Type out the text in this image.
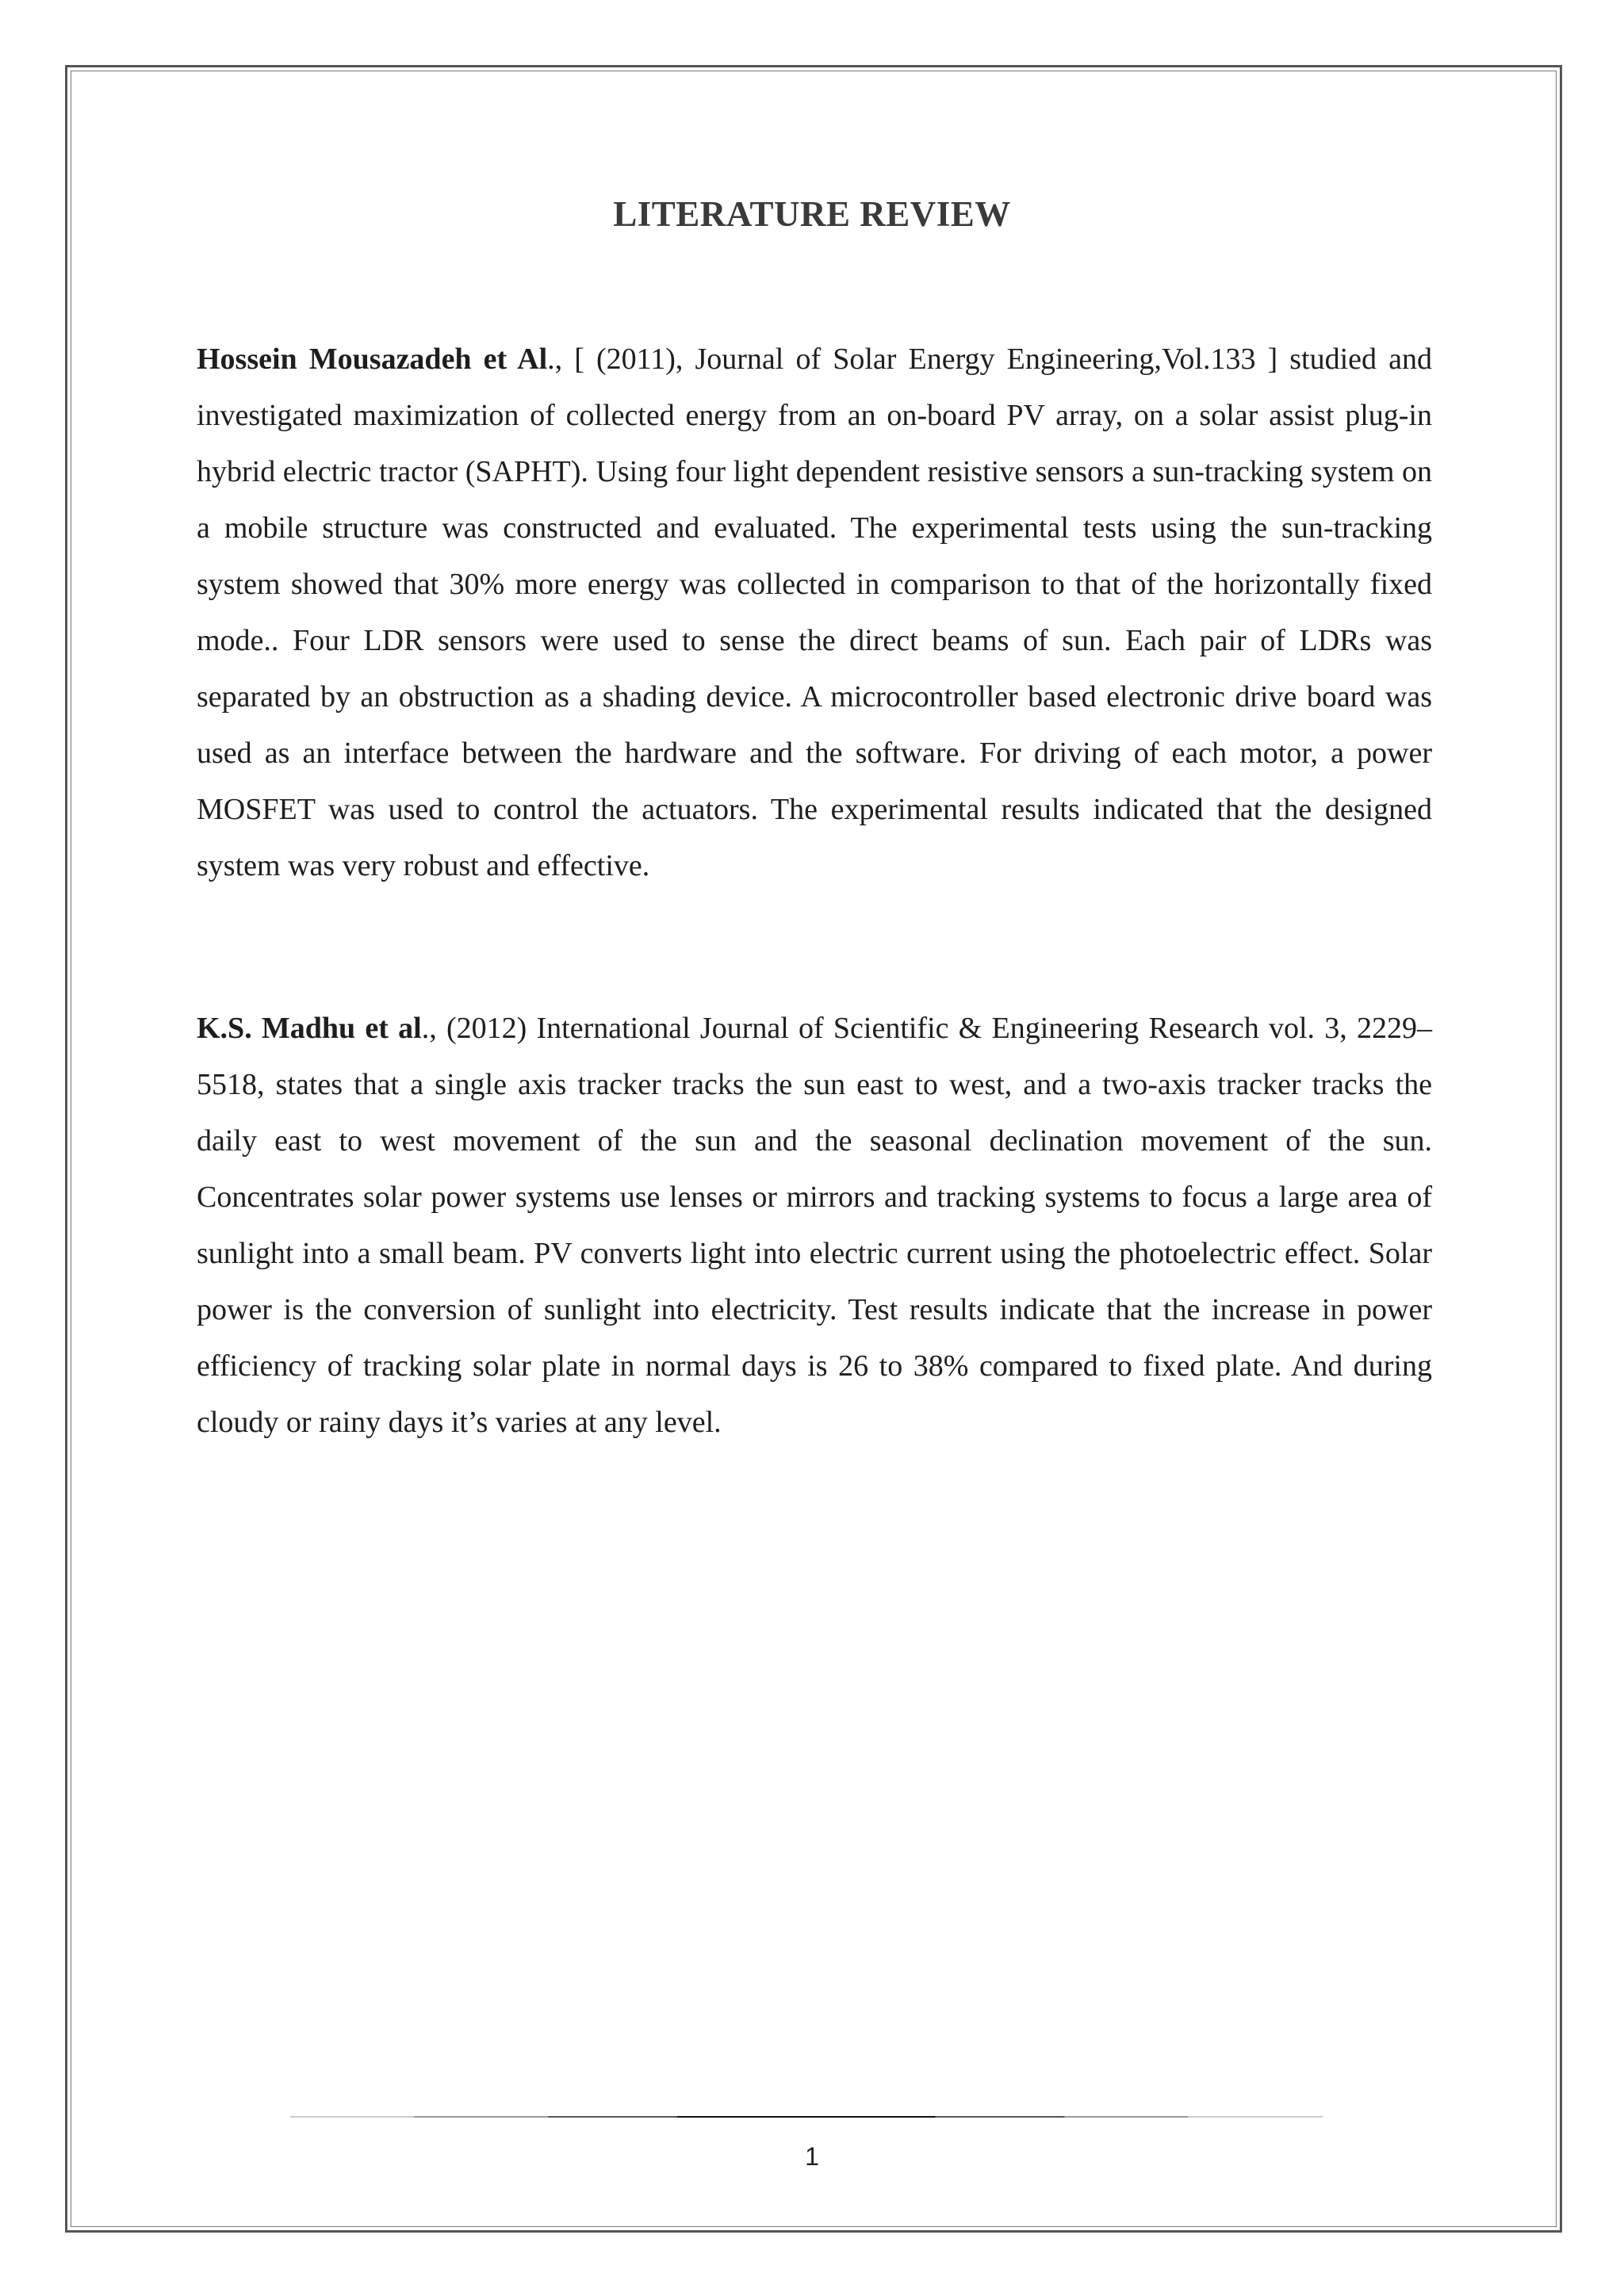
LITERATURE REVIEW

Hossein Mousazadeh et Al., [ (2011), Journal of Solar Energy Engineering,Vol.133 ] studied and investigated maximization of collected energy from an on-board PV array, on a solar assist plug-in hybrid electric tractor (SAPHT). Using four light dependent resistive sensors a sun-tracking system on a mobile structure was constructed and evaluated. The experimental tests using the sun-tracking system showed that 30% more energy was collected in comparison to that of the horizontally fixed mode.. Four LDR sensors were used to sense the direct beams of sun. Each pair of LDRs was separated by an obstruction as a shading device. A microcontroller based electronic drive board was used as an interface between the hardware and the software. For driving of each motor, a power MOSFET was used to control the actuators. The experimental results indicated that the designed system was very robust and effective.

K.S. Madhu et al., (2012) International Journal of Scientific & Engineering Research vol. 3, 2229–5518, states that a single axis tracker tracks the sun east to west, and a two-axis tracker tracks the daily east to west movement of the sun and the seasonal declination movement of the sun. Concentrates solar power systems use lenses or mirrors and tracking systems to focus a large area of sunlight into a small beam. PV converts light into electric current using the photoelectric effect. Solar power is the conversion of sunlight into electricity. Test results indicate that the increase in power efficiency of tracking solar plate in normal days is 26 to 38% compared to fixed plate. And during cloudy or rainy days it’s varies at any level.

1
